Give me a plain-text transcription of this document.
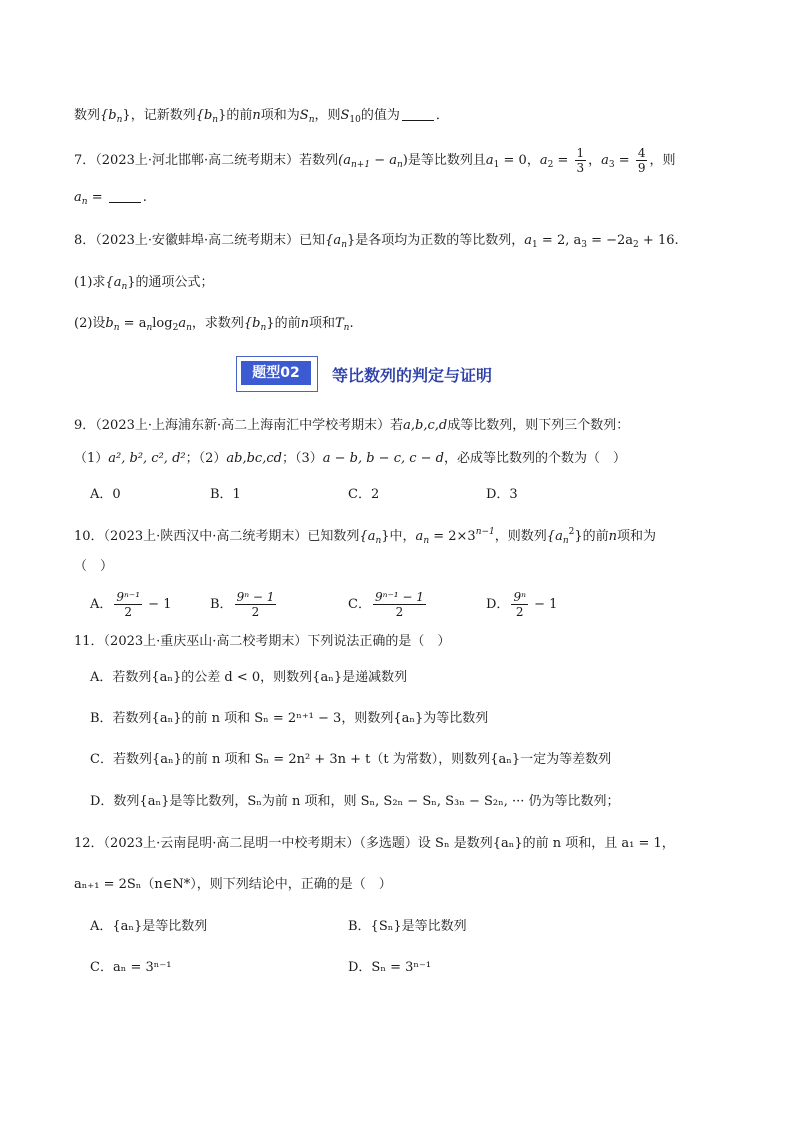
数列$\{b_n\}$，记新数列$\{b_n\}$的前n项和为$S_n$，则$S_{10}$的值为	．
7．（2023上·河北邯郸·高二统考期末）若数列$(a_{n+1} - a_n)$是等比数列且$a_1 = 0$，$a_2 = \frac{1}{3}$ ，$a_3 = \frac{4}{9}$ ，则
$a_n$ =	.
8．（2023上·安徽蚌埠·高二统考期末）已知$\{a_n\}$是各项均为正数的等比数列，$a_1 = 2$, $a_3 = -2a_2 + 16$.
(1)求$\{a_n\}$的通项公式；
(2)设$b_n = a_n\log_2a_n$，求数列$\{b_n\}$的前n项和$T_n$.
题型02	等比数列的判定与证明
9．（2023上·上海浦东新·高二上海南汇中学校考期末）若a,b,c,d成等比数列，则下列三个数列：
（1）a², b², c², d²；（2）ab,bc,cd；（3）a − b, b − c, c − d，必成等比数列的个数为（　）
A．0	B．1	C．2	D．3
10．（2023上·陕西汉中·高二统考期末）已知数列$\{a_n\}$中，$a_n = 2\times 3^{n-1}$，则数列$\{a_n^2\}$的前n项和为
（　）
A． $\frac{\text{9ⁿ⁻¹}}{2} - 1$	B． $\frac{\text{9ⁿ − 1}}{2}$	C． $\frac{\text{9ⁿ⁻¹ − 1}}{2}$	D． $\frac{\text{9ⁿ}}{2} - 1$
11．（2023上·重庆巫山·高二校考期末）下列说法正确的是（　）
A．若数列{aₙ}的公差 d < 0，则数列{aₙ}是递减数列
B．若数列{aₙ}的前 n 项和 Sₙ = 2ⁿ⁺¹ − 3，则数列{aₙ}为等比数列
C．若数列{aₙ}的前 n 项和 Sₙ = 2n² + 3n + t（t 为常数），则数列{aₙ}一定为等差数列
D．数列{aₙ}是等比数列，Sₙ为前 n 项和，则 Sₙ, S₂ₙ − Sₙ, S₃ₙ − S₂ₙ, ··· 仍为等比数列；
12．（2023上·云南昆明·高二昆明一中校考期末）（多选题）设 Sₙ 是数列{aₙ}的前 n 项和，且 a₁ = 1，
aₙ₊₁ = 2Sₙ（n∈N*），则下列结论中，正确的是（　）
A．{aₙ}是等比数列	B．{Sₙ}是等比数列
C．aₙ = 3ⁿ⁻¹	D．Sₙ = 3ⁿ⁻¹
